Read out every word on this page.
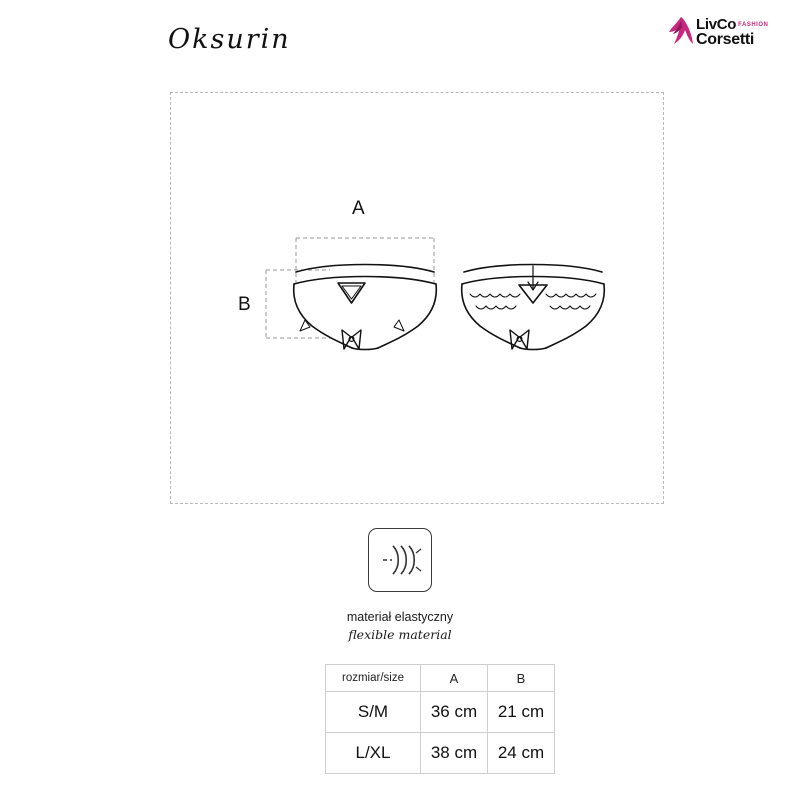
Oksurin	LivCo FASHION
Corsetti
A
B
materiał elastyczny
flexible material
rozmiar/size	A	B
S/M	36 cm	21 cm
L/XL	38 cm	24 cm
